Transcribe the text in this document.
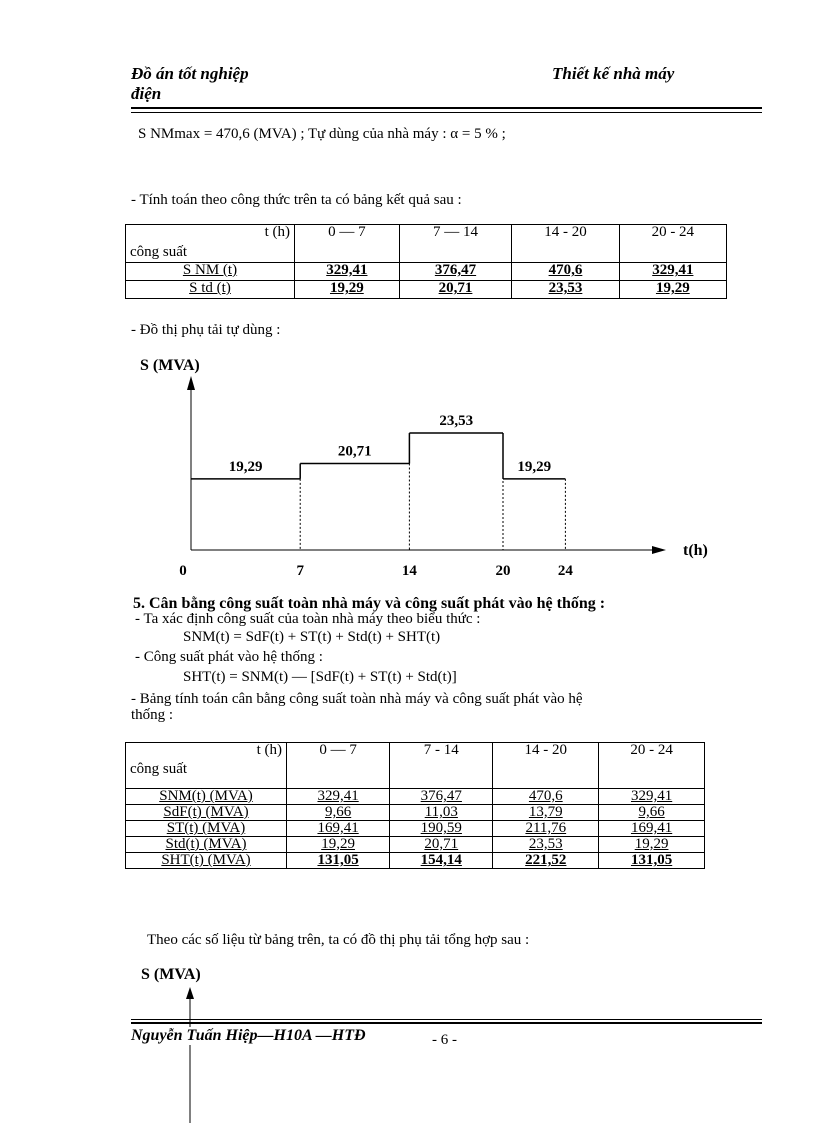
Đồ án tốt nghiệp
điện
Thiết kế nhà máy
S NMmax = 470,6 (MVA) ; Tự dùng của nhà máy : α = 5 % ;
- Tính toán theo công thức trên ta có bảng kết quả sau :
t (h)
công suất	0 — 7	7 — 14	14 - 20	20 - 24
S NM (t)	329,41	376,47	470,6	329,41
S td (t)	19,29	20,71	23,53	19,29
- Đồ thị phụ tải tự dùng :
S (MVA)
t(h)
19,29
20,71
23,53
19,29
0	7	14	20	24
5. Cân bằng công suất toàn nhà máy và công suất phát vào hệ thống :
- Ta xác định công suất của toàn nhà máy theo biểu thức :
SNM(t) = SdF(t) + ST(t) + Std(t) + SHT(t)
- Công suất phát vào hệ thống :
SHT(t) = SNM(t) — [SdF(t) + ST(t) + Std(t)]
- Bảng tính toán cân bằng công suất toàn nhà máy và công suất phát vào hệ
thống :
t (h)
công suất	0 — 7	7 - 14	14 - 20	20 - 24
SNM(t) (MVA)	329,41	376,47	470,6	329,41
SdF(t) (MVA)	9,66	11,03	13,79	9,66
ST(t) (MVA)	169,41	190,59	211,76	169,41
Std(t) (MVA)	19,29	20,71	23,53	19,29
SHT(t) (MVA)	131,05	154,14	221,52	131,05
Theo các số liệu từ bảng trên, ta có đồ thị phụ tải tổng hợp sau :
S (MVA)
Nguyễn Tuấn Hiệp—H10A —HTĐ	- 6 -
